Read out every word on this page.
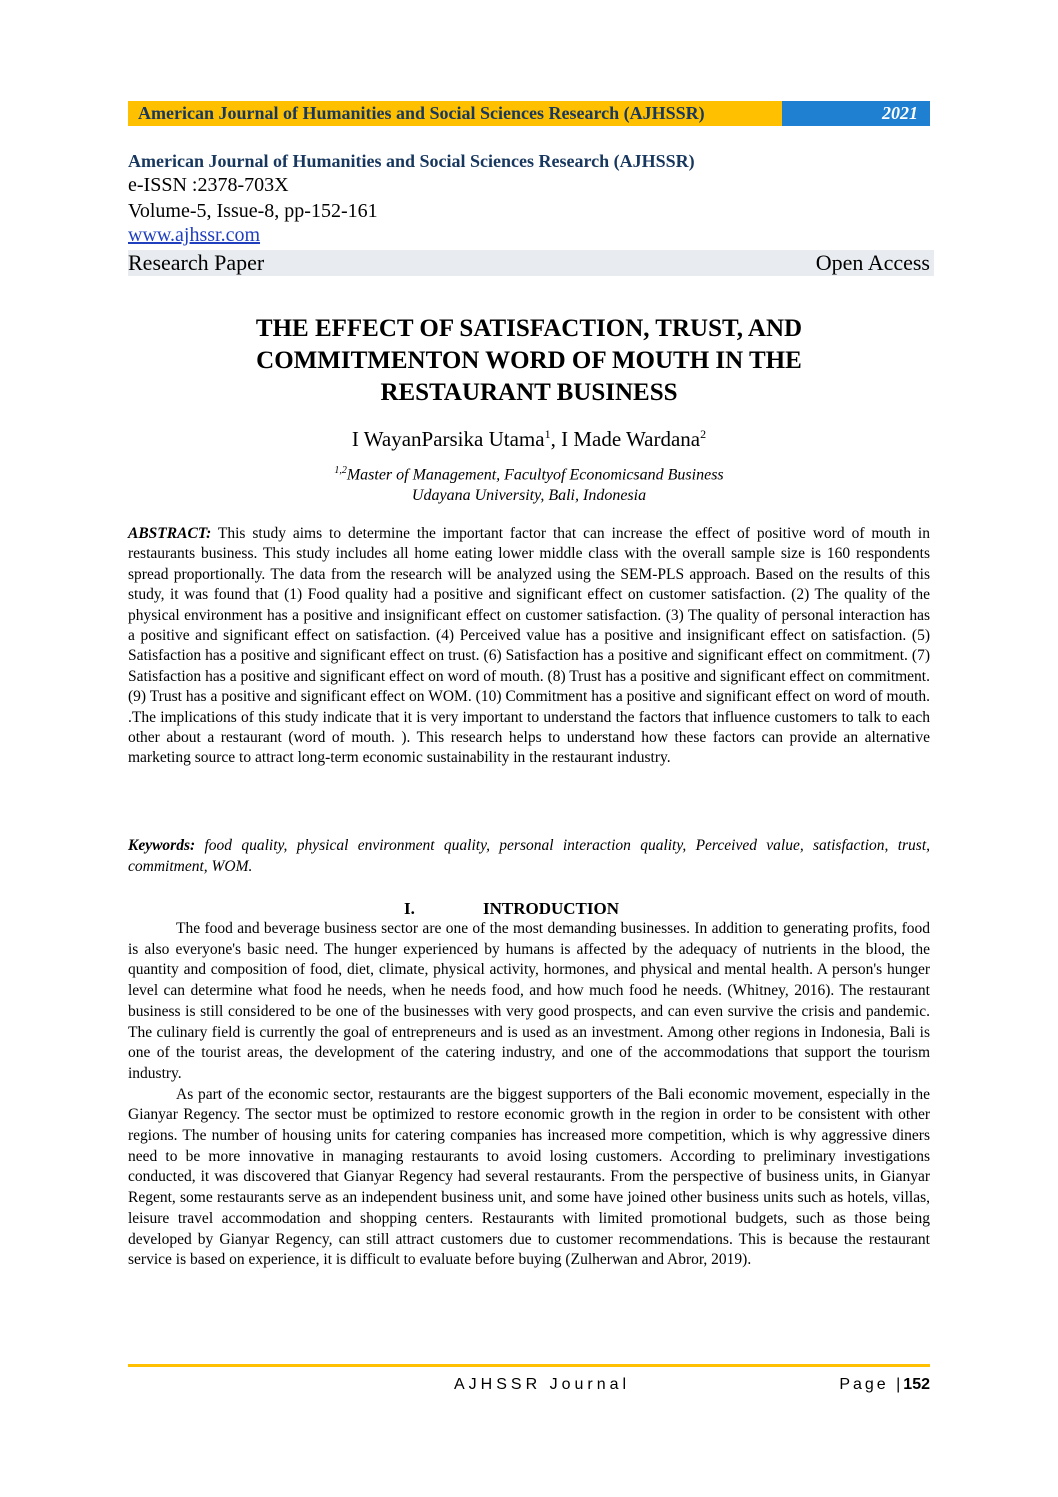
American Journal of Humanities and Social Sciences Research (AJHSSR)	2021
American Journal of Humanities and Social Sciences Research (AJHSSR)
e-ISSN :2378-703X
Volume-5, Issue-8, pp-152-161
www.ajhssr.com
Research Paper	Open Access
THE EFFECT OF SATISFACTION, TRUST, AND
COMMITMENTON WORD OF MOUTH IN THE
RESTAURANT BUSINESS
I WayanParsika Utama$^1$, I Made Wardana$^2$
$^{1,2}$Master of Management, Facultyof Economicsand Business
Udayana University, Bali, Indonesia
ABSTRACT: This study aims to determine the important factor that can increase the effect of positive word of mouth in restaurants business. This study includes all home eating lower middle class with the overall sample size is 160 respondents spread proportionally. The data from the research will be analyzed using the SEM-PLS approach. Based on the results of this study, it was found that (1) Food quality had a positive and significant effect on customer satisfaction. (2) The quality of the physical environment has a positive and insignificant effect on customer satisfaction. (3) The quality of personal interaction has a positive and significant effect on satisfaction. (4) Perceived value has a positive and insignificant effect on satisfaction. (5) Satisfaction has a positive and significant effect on trust. (6) Satisfaction has a positive and significant effect on commitment. (7) Satisfaction has a positive and significant effect on word of mouth. (8) Trust has a positive and significant effect on commitment. (9) Trust has a positive and significant effect on WOM. (10) Commitment has a positive and significant effect on word of mouth. .The implications of this study indicate that it is very important to understand the factors that influence customers to talk to each other about a restaurant (word of mouth. ). This research helps to understand how these factors can provide an alternative marketing source to attract long-term economic sustainability in the restaurant industry.
Keywords: food quality, physical environment quality, personal interaction quality, Perceived value, satisfaction, trust, commitment, WOM.
I.	INTRODUCTION

The food and beverage business sector are one of the most demanding businesses. In addition to generating profits, food is also everyone's basic need. The hunger experienced by humans is affected by the adequacy of nutrients in the blood, the quantity and composition of food, diet, climate, physical activity, hormones, and physical and mental health. A person's hunger level can determine what food he needs, when he needs food, and how much food he needs. (Whitney, 2016). The restaurant business is still considered to be one of the businesses with very good prospects, and can even survive the crisis and pandemic. The culinary field is currently the goal of entrepreneurs and is used as an investment. Among other regions in Indonesia, Bali is one of the tourist areas, the development of the catering industry, and one of the accommodations that support the tourism industry.

As part of the economic sector, restaurants are the biggest supporters of the Bali economic movement, especially in the Gianyar Regency. The sector must be optimized to restore economic growth in the region in order to be consistent with other regions. The number of housing units for catering companies has increased more competition, which is why aggressive diners need to be more innovative in managing restaurants to avoid losing customers. According to preliminary investigations conducted, it was discovered that Gianyar Regency had several restaurants. From the perspective of business units, in Gianyar Regent, some restaurants serve as an independent business unit, and some have joined other business units such as hotels, villas, leisure travel accommodation and shopping centers. Restaurants with limited promotional budgets, such as those being developed by Gianyar Regency, can still attract customers due to customer recommendations. This is because the restaurant service is based on experience, it is difficult to evaluate before buying (Zulherwan and Abror, 2019).

AJHSSR Journal	Page |152
